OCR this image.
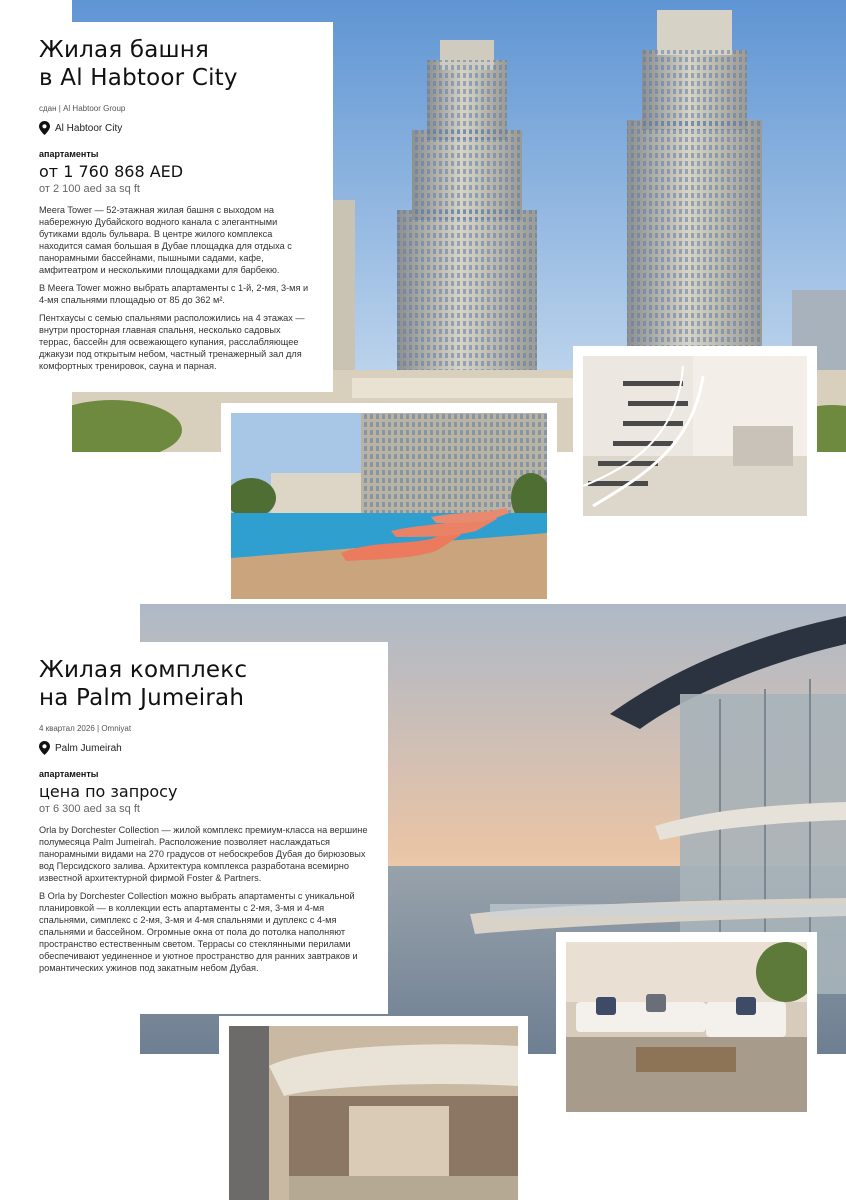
Жилая башня
в Al Habtoor City
сдан | Al Habtoor Group
Al Habtoor City
апартаменты
от 1 760 868 AED
от 2 100 aed за sq ft

Meera Tower — 52-этажная жилая башня с выходом на набережную Дубайского водного канала с элегантными бутиками вдоль бульвара. В центре жилого комплекса находится самая большая в Дубае площадка для отдыха с панорамными бассейнами, пышными садами, кафе, амфитеатром и несколькими площадками для барбекю.

В Meera Tower можно выбрать апартаменты с 1-й, 2-мя, 3-мя и 4-мя спальнями площадью от 85 до 362 м².

Пентхаусы с семью спальнями расположились на 4 этажах — внутри просторная главная спальня, несколько садовых террас, бассейн для освежающего купания, расслабляющее джакузи под открытым небом, частный тренажерный зал для комфортных тренировок, сауна и парная.

Жилая комплекс
на Palm Jumeirah
4 квартал 2026 | Omniyat
Palm Jumeirah
апартаменты
цена по запросу
от 6 300 aed за sq ft

Orla by Dorchester Collection — жилой комплекс премиум-класса на вершине полумесяца Palm Jumeirah. Расположение позволяет наслаждаться панорамными видами на 270 градусов от небоскребов Дубая до бирюзовых вод Персидского залива. Архитектура комплекса разработана всемирно известной архитектурной фирмой Foster & Partners.

В Orla by Dorchester Collection можно выбрать апартаменты с уникальной планировкой — в коллекции есть апартаменты с 2-мя, 3-мя и 4-мя спальнями, симплекс с 2-мя, 3-мя и 4-мя спальнями и дуплекс с 4-мя спальнями и бассейном. Огромные окна от пола до потолка наполняют пространство естественным светом. Террасы со стеклянными перилами обеспечивают уединенное и уютное пространство для ранних завтраков и романтических ужинов под закатным небом Дубая.
